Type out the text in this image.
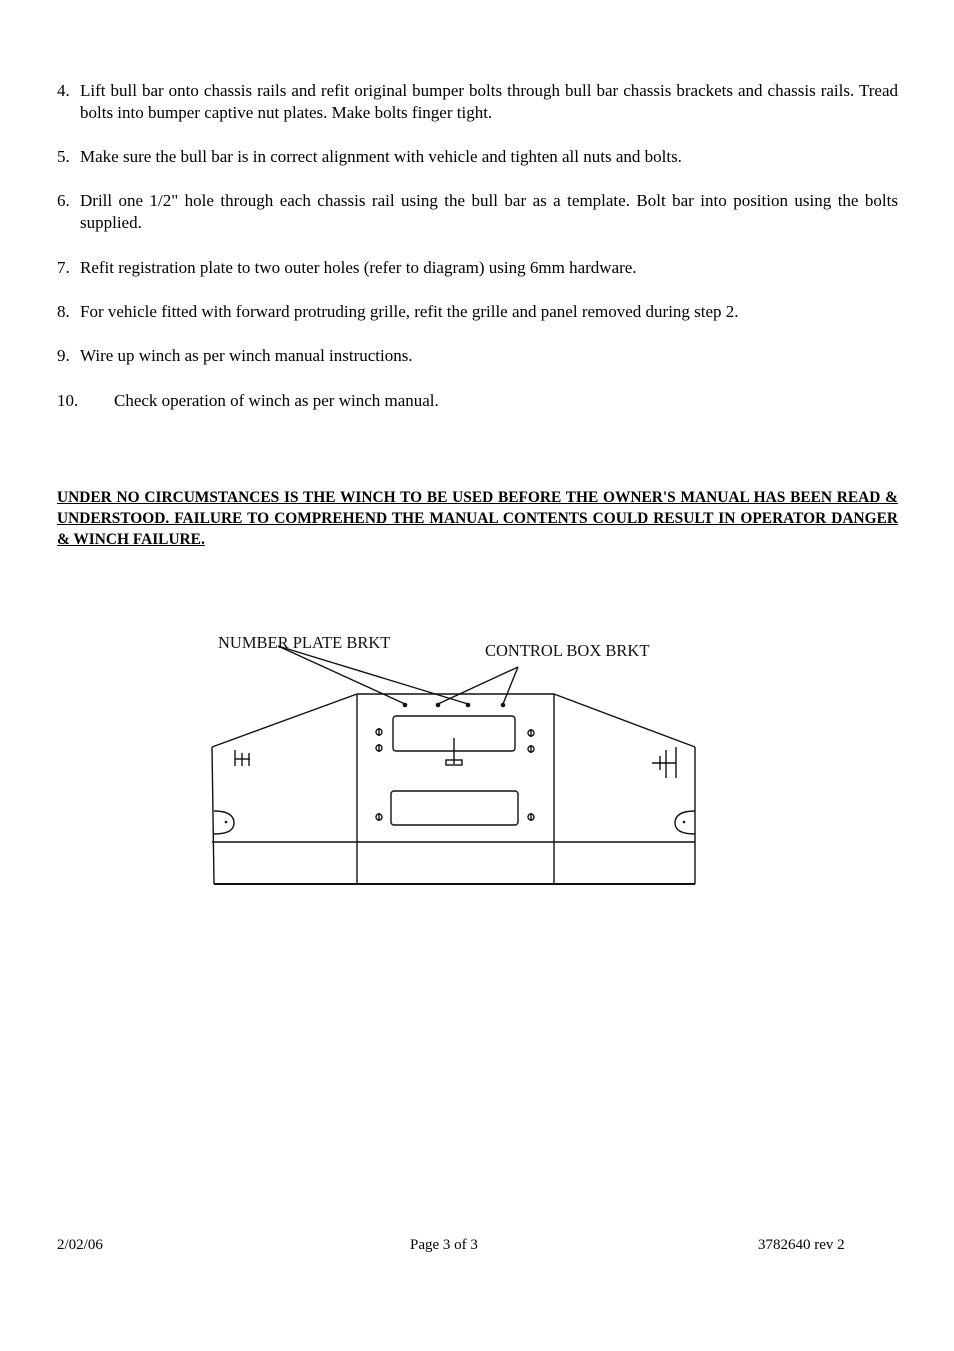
4. Lift bull bar onto chassis rails and refit original bumper bolts through bull bar chassis brackets and chassis rails. Tread bolts into bumper captive nut plates. Make bolts finger tight.
5. Make sure the bull bar is in correct alignment with vehicle and tighten all nuts and bolts.
6. Drill one 1/2" hole through each chassis rail using the bull bar as a template. Bolt bar into position using the bolts supplied.
7. Refit registration plate to two outer holes (refer to diagram) using 6mm hardware.
8. For vehicle fitted with forward protruding grille, refit the grille and panel removed during step 2.
9. Wire up winch as per winch manual instructions.
10. Check operation of winch as per winch manual.
UNDER NO CIRCUMSTANCES IS THE WINCH TO BE USED BEFORE THE OWNER'S MANUAL HAS BEEN READ & UNDERSTOOD. FAILURE TO COMPREHEND THE MANUAL CONTENTS COULD RESULT IN OPERATOR DANGER & WINCH FAILURE.
NUMBER PLATE BRKT	CONTROL BOX BRKT
2/02/06	Page 3 of 3	3782640 rev 2
